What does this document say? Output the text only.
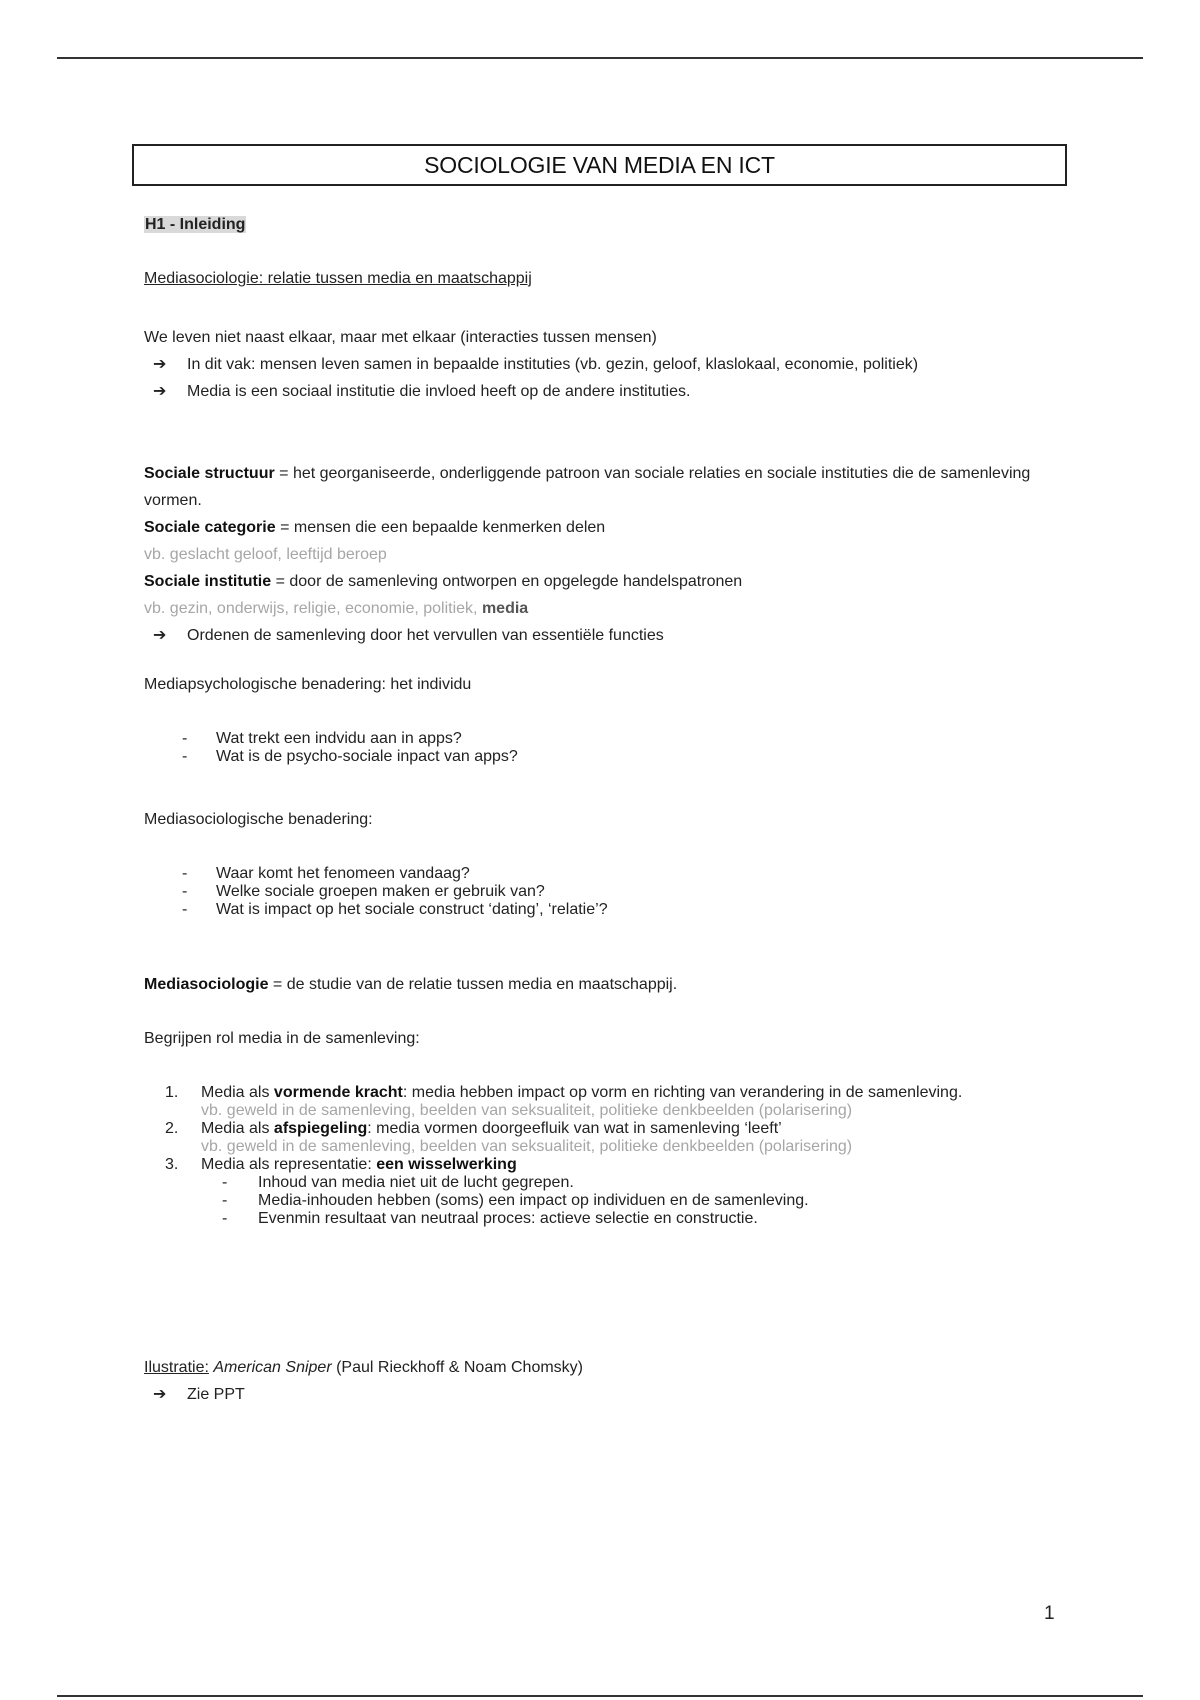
SOCIOLOGIE VAN MEDIA EN ICT
H1 - Inleiding
Mediasociologie: relatie tussen media en maatschappij

We leven niet naast elkaar, maar met elkaar (interacties tussen mensen)

➔ In dit vak: mensen leven samen in bepaalde instituties (vb. gezin, geloof, klaslokaal, economie, politiek)
➔ Media is een sociaal institutie die invloed heeft op de andere instituties.

Sociale structuur = het georganiseerde, onderliggende patroon van sociale relaties en sociale instituties die de samenleving vormen.

Sociale categorie = mensen die een bepaalde kenmerken delen

vb. geslacht geloof, leeftijd beroep

Sociale institutie = door de samenleving ontworpen en opgelegde handelspatronen

vb. gezin, onderwijs, religie, economie, politiek, media

➔ Ordenen de samenleving door het vervullen van essentiële functies
Mediapsychologische benadering: het individu
- Wat trekt een indvidu aan in apps?
- Wat is de psycho-sociale inpact van apps?
Mediasociologische benadering:
- Waar komt het fenomeen vandaag?
- Welke sociale groepen maken er gebruik van?
- Wat is impact op het sociale construct ‘dating’, ‘relatie’?
Mediasociologie = de studie van de relatie tussen media en maatschappij.
Begrijpen rol media in de samenleving:
1. Media als vormende kracht: media hebben impact op vorm en richting van verandering in de samenleving.
vb. geweld in de samenleving, beelden van seksualiteit, politieke denkbeelden (polarisering)
2. Media als afspiegeling: media vormen doorgeefluik van wat in samenleving ‘leeft’
vb. geweld in de samenleving, beelden van seksualiteit, politieke denkbeelden (polarisering)
3. Media als representatie: een wisselwerking
- Inhoud van media niet uit de lucht gegrepen.
- Media-inhouden hebben (soms) een impact op individuen en de samenleving.
- Evenmin resultaat van neutraal proces: actieve selectie en constructie.

Ilustratie: American Sniper (Paul Rieckhoff & Noam Chomsky)

➔ Zie PPT
1
